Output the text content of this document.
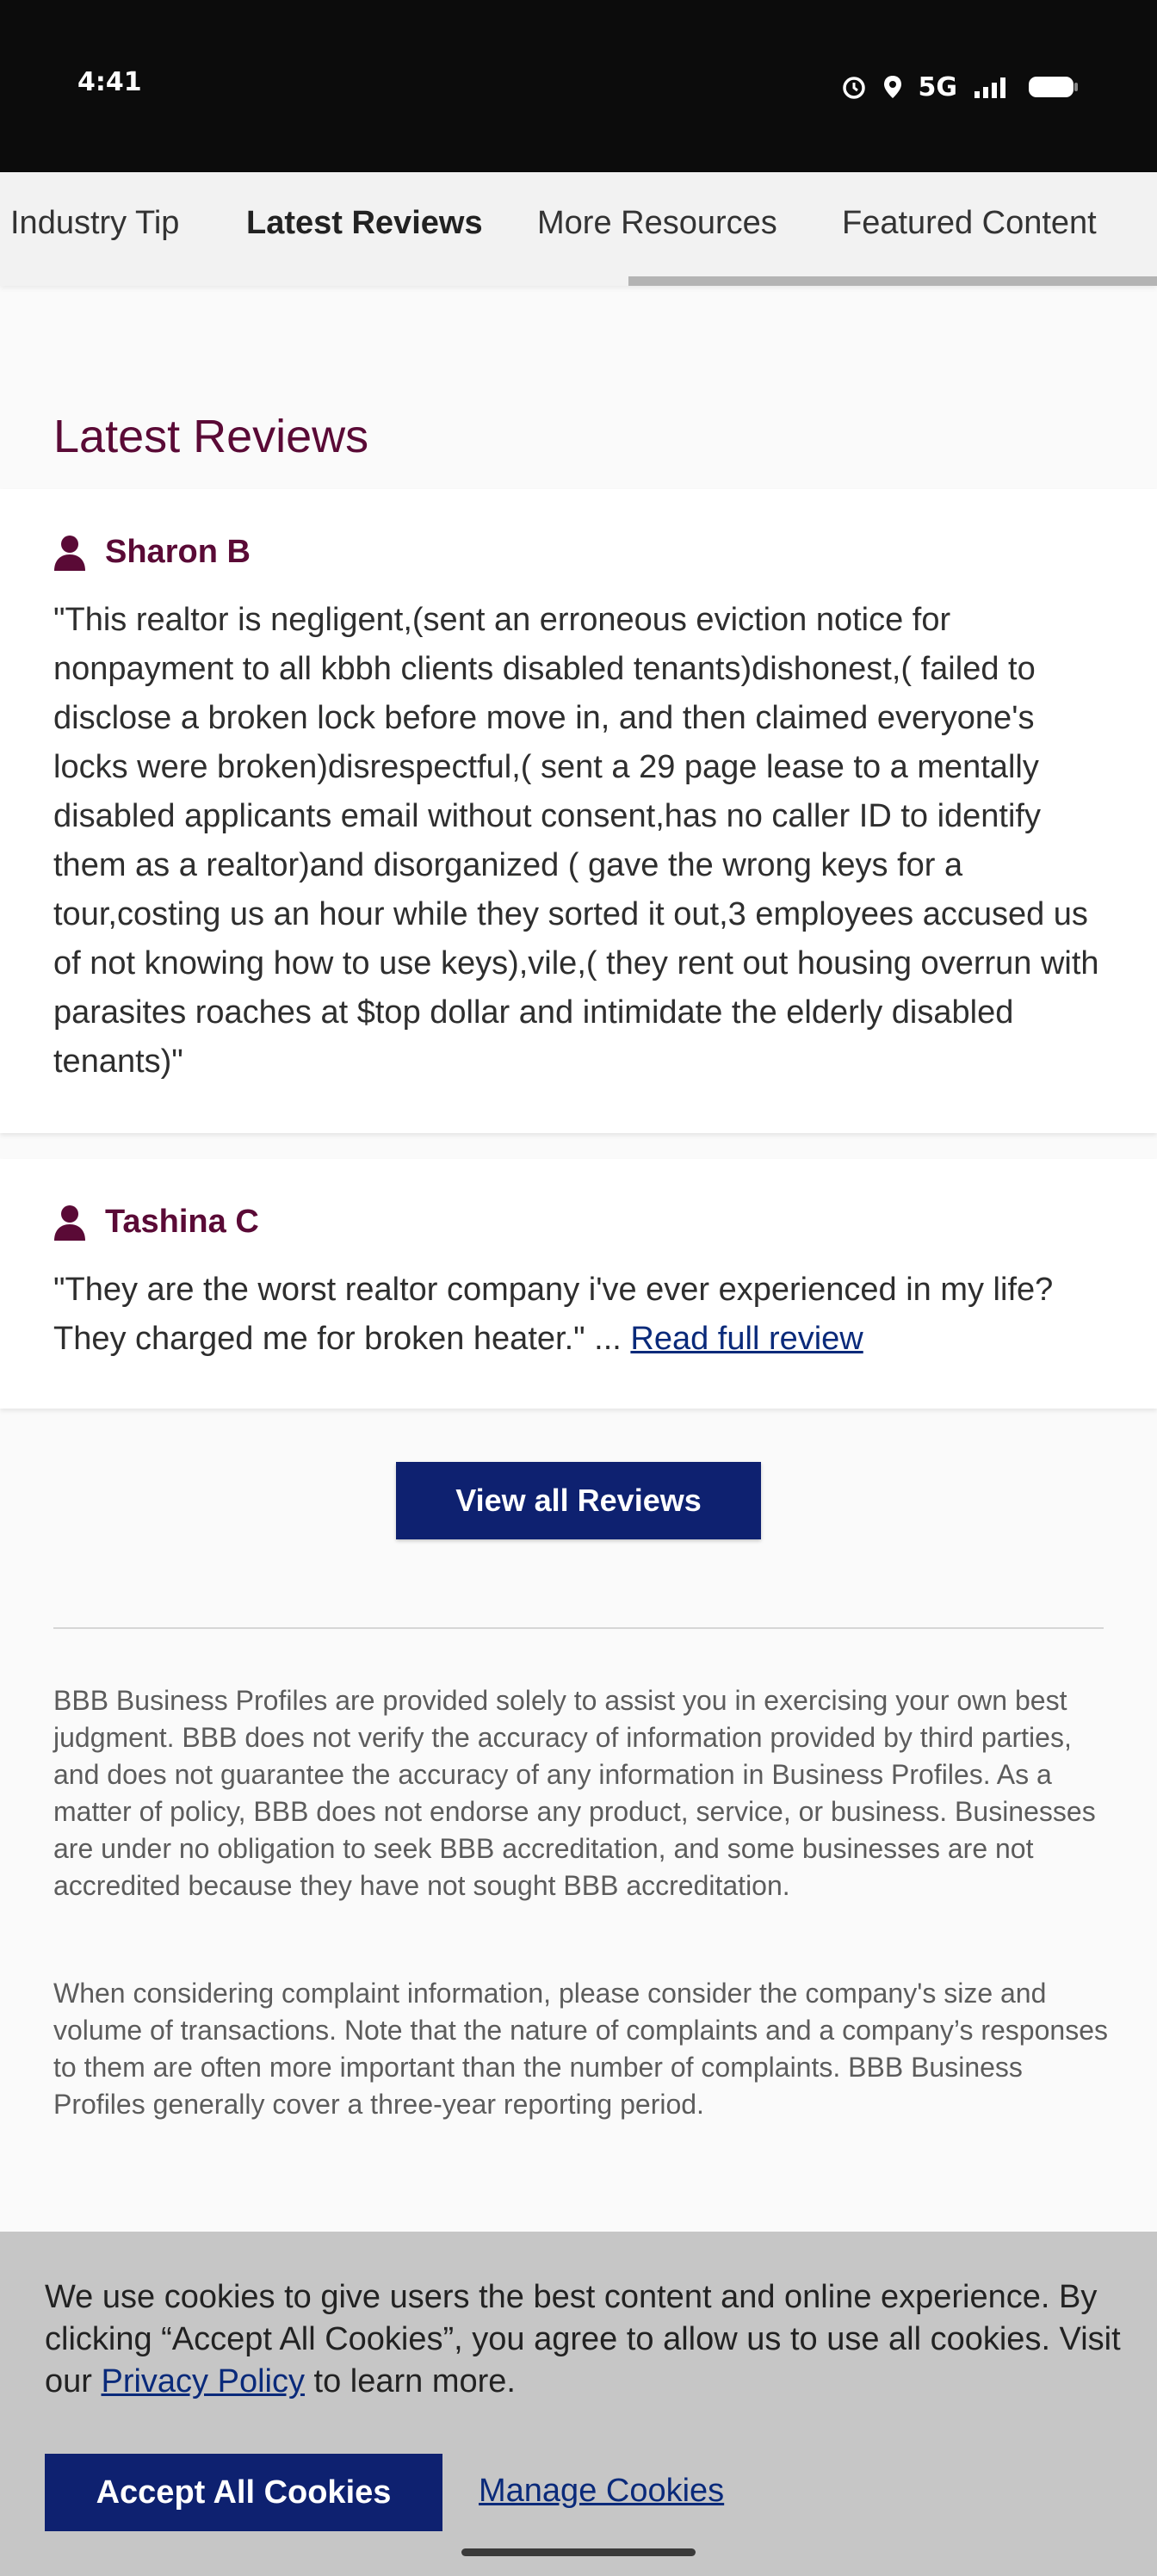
4:41	5G
Industry Tip Latest Reviews More Resources Featured Content
Latest Reviews
Sharon B

"This realtor is negligent,(sent an erroneous eviction notice for nonpayment to all kbbh clients disabled tenants)dishonest,( failed to disclose a broken lock before move in, and then claimed everyone's locks were broken)disrespectful,( sent a 29 page lease to a mentally disabled applicants email without consent,has no caller ID to identify them as a realtor)and disorganized ( gave the wrong keys for a tour,costing us an hour while they sorted it out,3 employees accused us of not knowing how to use keys),vile,( they rent out housing overrun with parasites roaches at $top dollar and intimidate the elderly disabled tenants)"

Tashina C

"They are the worst realtor company i've ever experienced in my life?They charged me for broken heater." ... Read full review

View all Reviews

BBB Business Profiles are provided solely to assist you in exercising your own best judgment. BBB does not verify the accuracy of information provided by third parties, and does not guarantee the accuracy of any information in Business Profiles. As a matter of policy, BBB does not endorse any product, service, or business. Businesses are under no obligation to seek BBB accreditation, and some businesses are not accredited because they have not sought BBB accreditation.

When considering complaint information, please consider the company's size and volume of transactions. Note that the nature of complaints and a company’s responses to them are often more important than the number of complaints. BBB Business Profiles generally cover a three-year reporting period.

We use cookies to give users the best content and online experience. By clicking “Accept All Cookies”, you agree to allow us to use all cookies. Visit our Privacy Policy to learn more.

Accept All Cookies	Manage Cookies
